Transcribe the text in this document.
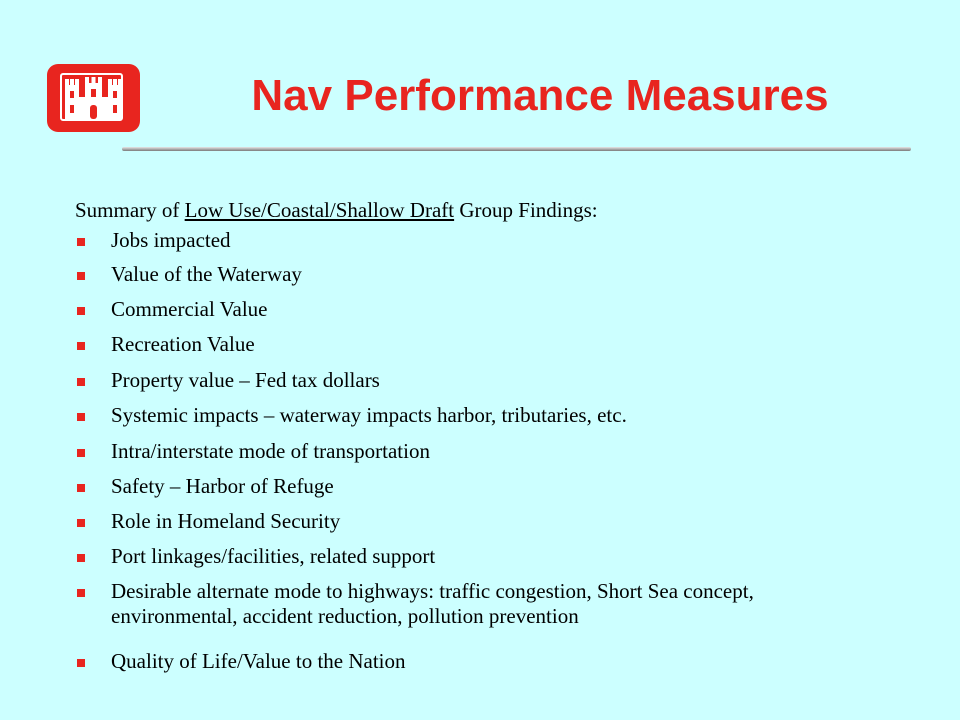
Nav Performance Measures
Summary of Low Use/Coastal/Shallow Draft Group Findings:
Jobs impacted
Value of the Waterway
Commercial Value
Recreation Value
Property value – Fed tax dollars
Systemic impacts – waterway impacts harbor, tributaries, etc.
Intra/interstate mode of transportation
Safety – Harbor of Refuge
Role in Homeland Security
Port linkages/facilities, related support
Desirable alternate mode to highways: traffic congestion, Short Sea concept, environmental, accident reduction, pollution prevention
Quality of Life/Value to the Nation
